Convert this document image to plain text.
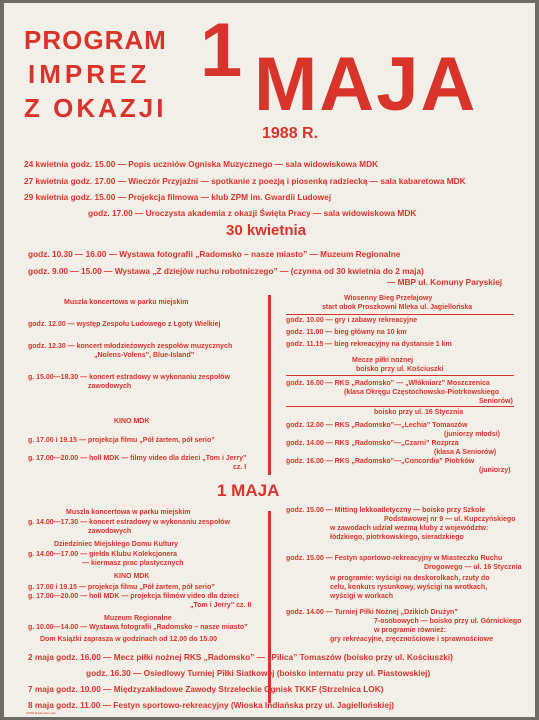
PROGRAM
IMPREZ
Z OKAZJI
1 MAJA
1988 R.
24 kwietnia godz. 15.00 — Popis uczniów Ogniska Muzycznego — sala widowiskowa MDK
27 kwietnia godz. 17.00 — Wieczór Przyjaźni — spotkanie z poezją i piosenką radziecką — sala kabaretowa MDK
29 kwietnia godz. 15.00 — Projekcja filmowa — klub ZPM im. Gwardii Ludowej
godz. 17.00 — Uroczysta akademia z okazji Święta Pracy — sala widowiskowa MDK
30 kwietnia
godz. 10.30 — 16.00 — Wystawa fotografii „Radomsko – nasze miasto” — Muzeum Regionalne
godz. 9.00 — 15.00 — Wystawa „Z dziejów ruchu robotniczego” — (czynna od 30 kwietnia do 2 maja)
— MBP ul. Komuny Paryskiej
Muszla koncertowa w parku miejskim
godz. 12.00 — występ Zespołu Ludowego z Lgoty Wielkiej
godz. 12.30 — koncert młodzieżowych zespołów muzycznych
„Nolens-Volens”, Blue-Island”
g. 15.00—18.30 — koncert estradowy w wykonaniu zespołów
zawodowych
KINO MDK
g. 17.00 i 19.15 — projekcja filmu „Pół żartem, pół serio”
g. 17.00—20.00 — holl MDK — filmy video dla dzieci „Tom i Jerry”
cz. I
Wiosenny Bieg Przełajowy
start obok Proszkowni Mleka ul. Jagiellońska
godz. 10.00 — gry i zabawy rekreacyjne
godz. 11.00 — bieg główny na 10 km
godz. 11.15 — bieg rekreacyjny na dystansie 1 km
Mecze piłki nożnej
boisko przy ul. Kościuszki
godz. 16.00 — RKS „Radomsko” — „Włókniarz” Moszczenica
(klasa Okręgu Częstochowsko-Piotrkowskiego
Seniorów)
boisko przy ul. 16 Stycznia
godz. 12.00 — RKS „Radomsko”—„Lechia” Tomaszów
(juniorzy młodsi)
godz. 14.00 — RKS „Radomsko”—„Czarni” Rozprza
(klasa A Seniorów)
godz. 16.00 — RKS „Radomsko”—„Concordia” Piotrków
(juniorzy)
1 MAJA
Muszla koncertowa w parku miejskim
g. 14.00—17.30 — koncert estradowy w wykonaniu zespołów
zawodowych
Dziedziniec Miejskiego Domu Kultury
g. 14.00—17.00 — giełda Klubu Kolekcjonera
— kiermasz prac plastycznych
KINO MDK
g. 17.00 i 19.15 — projekcja filmu „Pół żartem, pół serio”
g. 17.00—20.00 — holl MDK — projekcja filmów video dla dzieci
„Tom i Jerry” cz. II
Muzeum Regionalne
g. 10.00—14.00 — Wystawa fotografii „Radomsko – nasze miasto”
Dom Książki zaprasza w godzinach od 12.00 do 15.00
godz. 15.00 — Mitting lekkoatletyczny — boisko przy Szkole
Podstawowej nr 9 — ul. Kupczyńskiego
w zawodach udział wezmą kluby z województw:
łódzkiego, piotrkowskiego, sieradzkiego
godz. 15.00 — Festyn sportowo-rekreacyjny w Miasteczku Ruchu
Drogowego — ul. 16 Stycznia
w programie: wyścigi na deskorolkach, rzuty do
celu, konkurs rysunkowy, wyścigi na wrotkach,
wyścigi w workach
godz. 14.00 — Turniej Piłki Nożnej „Dzikich Drużyn”
7-osobowych — boisko przy ul. Górnickiego
w programie również:
gry rekreacyjne, zręcznościowe i sprawnościowe
2 maja godz. 16.00 — Mecz piłki nożnej RKS „Radomsko” — „Pilica” Tomaszów (boisko przy ul. Kościuszki)
godz. 16.30 — Osiedlowy Turniej Piłki Siatkowej (boisko internatu przy ul. Piastowskiej)
7 maja godz. 10.00 — Międzyzakładowe Zawody Strzeleckie Ognisk TKKF (Strzelnica LOK)
8 maja godz. 11.00 — Festyn sportowo-rekreacyjny (Wioska Indiańska przy ul. Jagiellońskiej)
ZGPR Radomsko zam. ...
